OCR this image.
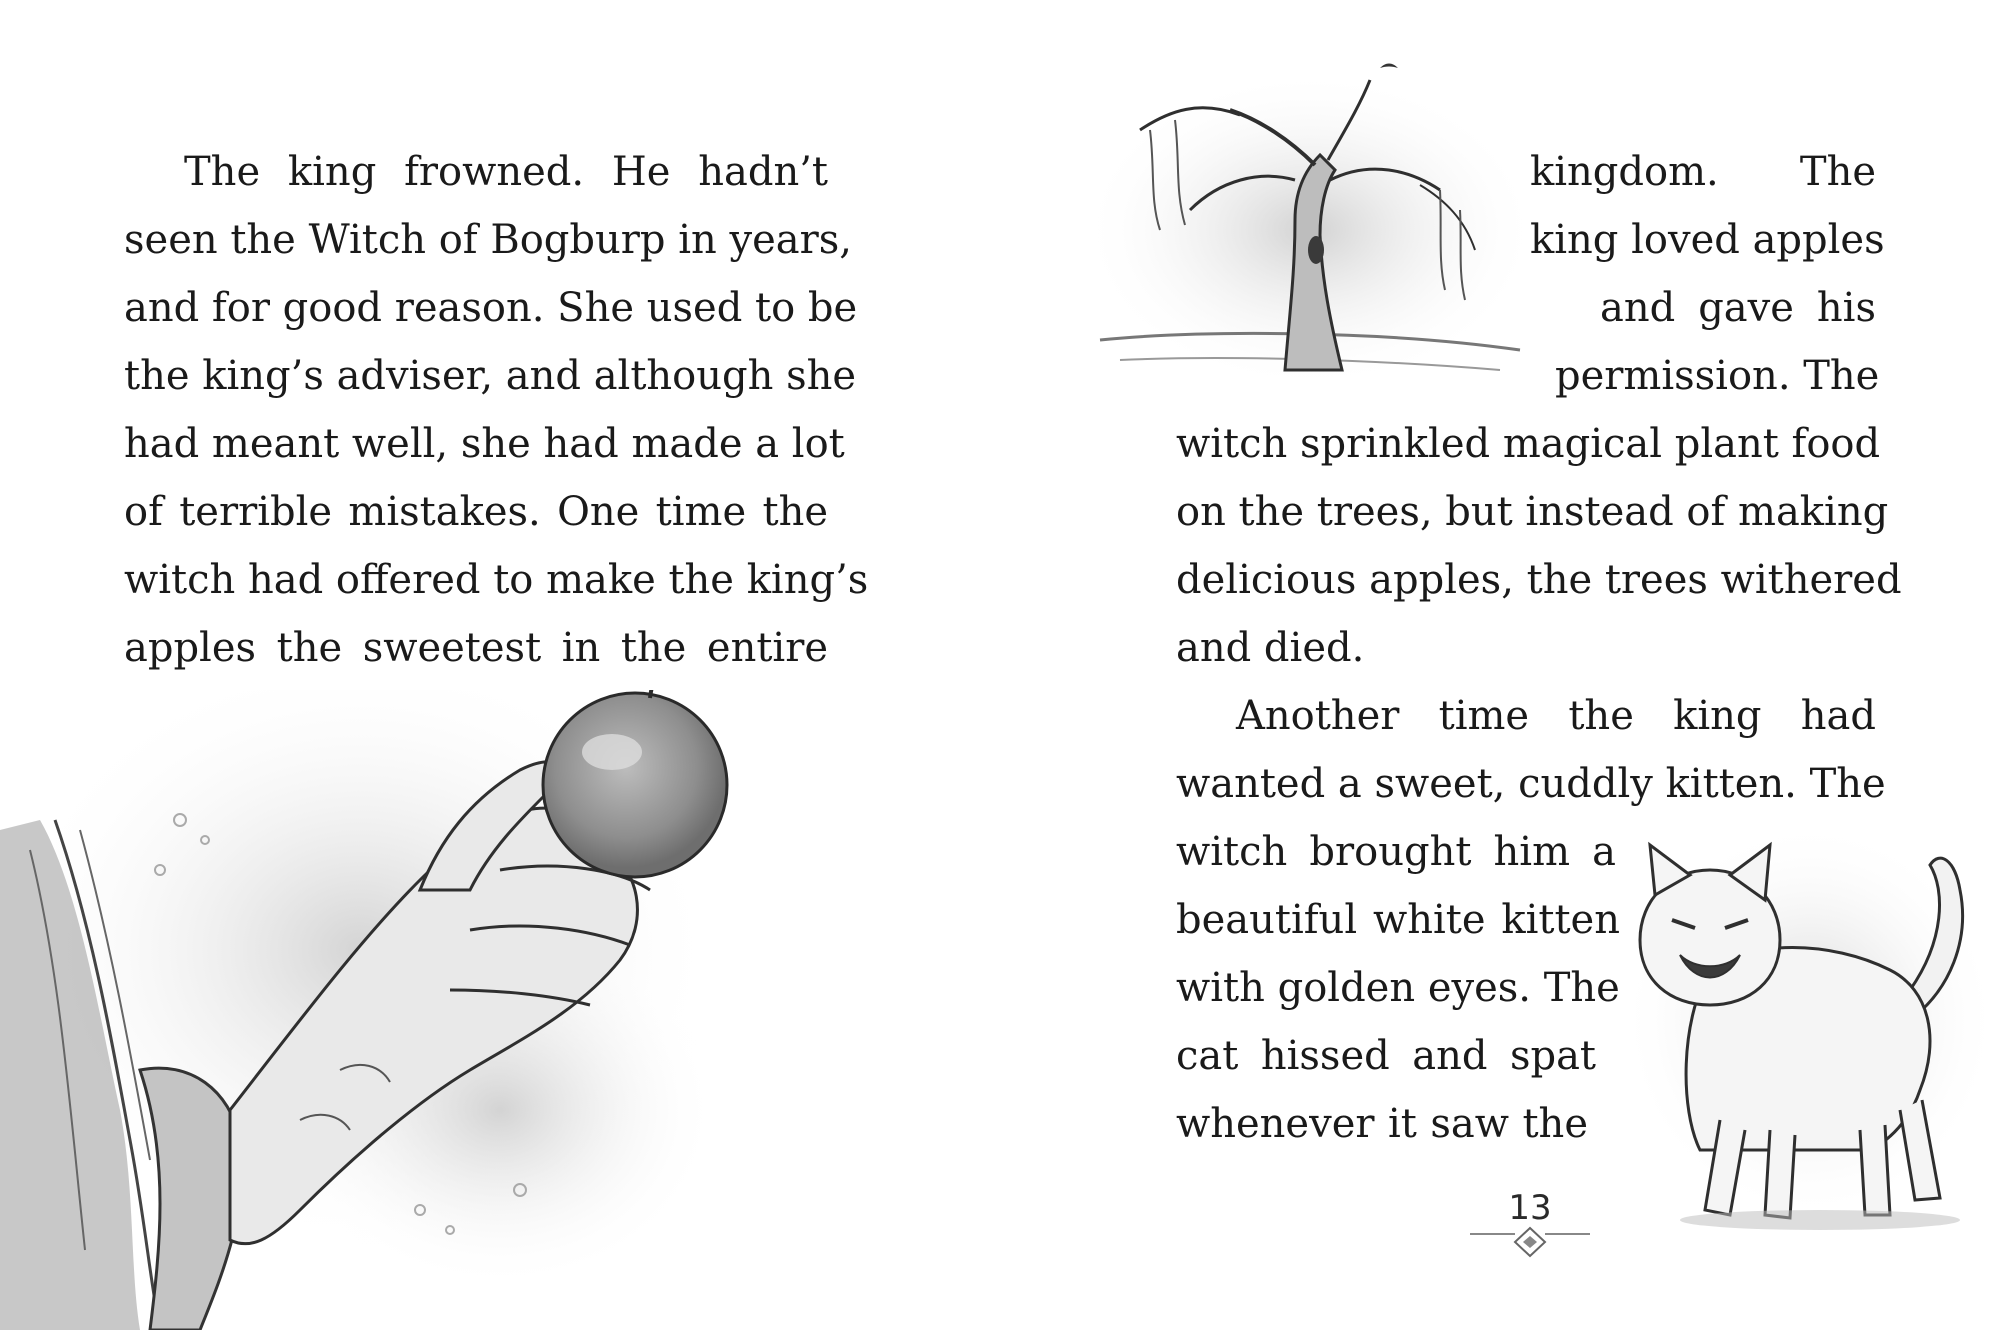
The king frowned. He hadn’t
seen the Witch of Bogburp in years,
and for good reason. She used to be
the king’s adviser, and although she
had meant well, she had made a lot
of terrible mistakes. One time the
witch had offered to make the king’s
apples the sweetest in the entire
kingdom. The
king loved apples
and gave his
permission. The
witch sprinkled magical plant food
on the trees, but instead of making
delicious apples, the trees withered
and died.
Another time the king had
wanted a sweet, cuddly kitten. The
witch brought him a
beautiful white kitten
with golden eyes. The
cat hissed and spat
whenever it saw the
13
